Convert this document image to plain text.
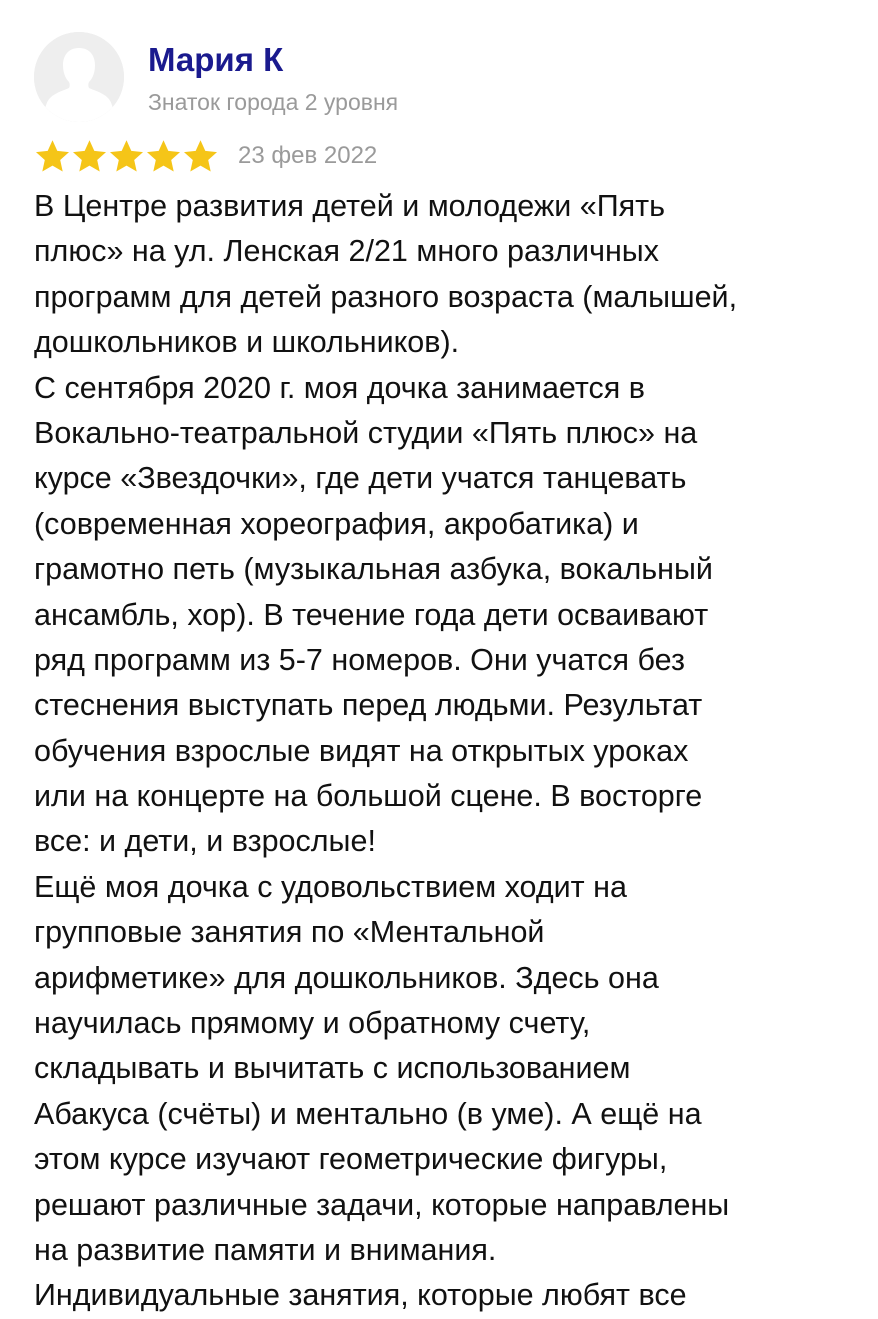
Мария К
Знаток города 2 уровня
23 фев 2022
В Центре развития детей и молодежи «Пять
плюс» на ул. Ленская 2/21 много различных
программ для детей разного возраста (малышей,
дошкольников и школьников).
С сентября 2020 г. моя дочка занимается в
Вокально-театральной студии «Пять плюс» на
курсе «Звездочки», где дети учатся танцевать
(современная хореография, акробатика) и
грамотно петь (музыкальная азбука, вокальный
ансамбль, хор). В течение года дети осваивают
ряд программ из 5-7 номеров. Они учатся без
стеснения выступать перед людьми. Результат
обучения взрослые видят на открытых уроках
или на концерте на большой сцене. В восторге
все: и дети, и взрослые!
Ещё моя дочка с удовольствием ходит на
групповые занятия по «Ментальной
арифметике» для дошкольников. Здесь она
научилась прямому и обратному счету,
складывать и вычитать с использованием
Абакуса (счёты) и ментально (в уме). А ещё на
этом курсе изучают геометрические фигуры,
решают различные задачи, которые направлены
на развитие памяти и внимания.
Индивидуальные занятия, которые любят все
